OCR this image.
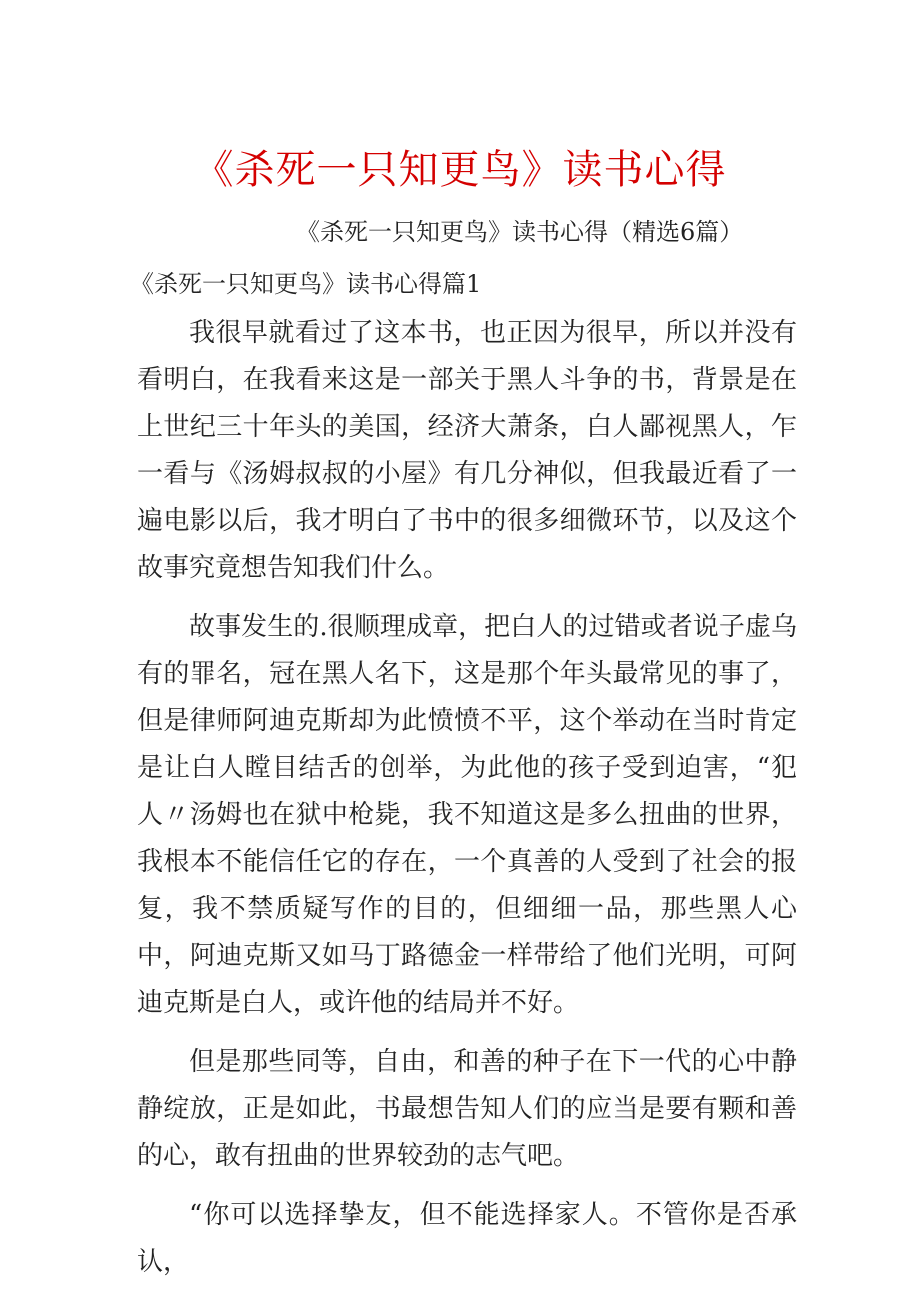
《杀死一只知更鸟》读书心得
《杀死一只知更鸟》读书心得（精选6篇）
《杀死一只知更鸟》读书心得篇1

我很早就看过了这本书，也正因为很早，所以并没有看明白，在我看来这是一部关于黑人斗争的书，背景是在上世纪三十年头的美国，经济大萧条，白人鄙视黑人，乍一看与《汤姆叔叔的小屋》有几分神似，但我最近看了一遍电影以后，我才明白了书中的很多细微环节，以及这个故事究竟想告知我们什么。

故事发生的.很顺理成章，把白人的过错或者说子虚乌有的罪名，冠在黑人名下，这是那个年头最常见的事了，但是律师阿迪克斯却为此愤愤不平，这个举动在当时肯定是让白人瞠目结舌的创举，为此他的孩子受到迫害，“犯人〃汤姆也在狱中枪毙，我不知道这是多么扭曲的世界，我根本不能信任它的存在，一个真善的人受到了社会的报复，我不禁质疑写作的目的，但细细一品，那些黑人心中，阿迪克斯又如马丁路德金一样带给了他们光明，可阿迪克斯是白人，或许他的结局并不好。

但是那些同等，自由，和善的种子在下一代的心中静静绽放，正是如此，书最想告知人们的应当是要有颗和善的心，敢有扭曲的世界较劲的志气吧。

“你可以选择挚友，但不能选择家人。不管你是否承认，
